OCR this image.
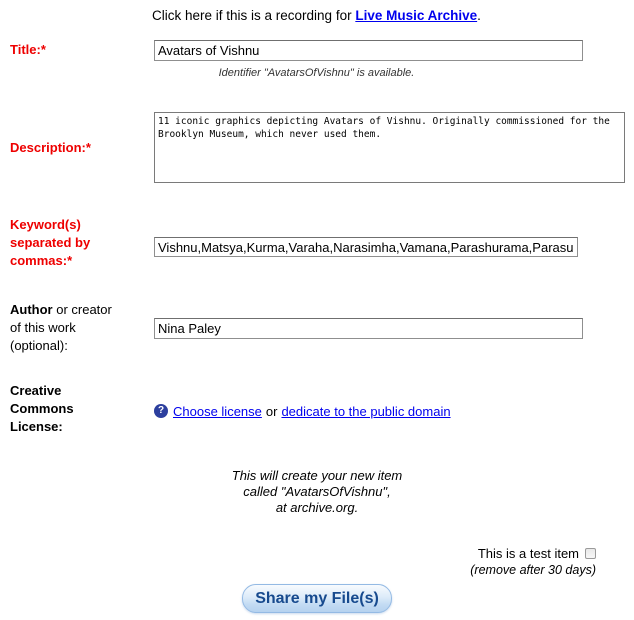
Click here if this is a recording for Live Music Archive.
Title:*
Avatars of Vishnu
Identifier "AvatarsOfVishnu" is available.
Description:*
11 iconic graphics depicting Avatars of Vishnu. Originally commissioned for the Brooklyn Museum, which never used them.
Keyword(s)
separated by
commas:*
Vishnu,Matsya,Kurma,Varaha,Narasimha,Vamana,Parashurama,Parasurama,Rama
Author or creator
of this work
(optional):
Nina Paley
Creative
Commons
License:
? Choose license or dedicate to the public domain
This will create your new item
called "AvatarsOfVishnu",
at archive.org.
This is a test item
(remove after 30 days)
Share my File(s)
